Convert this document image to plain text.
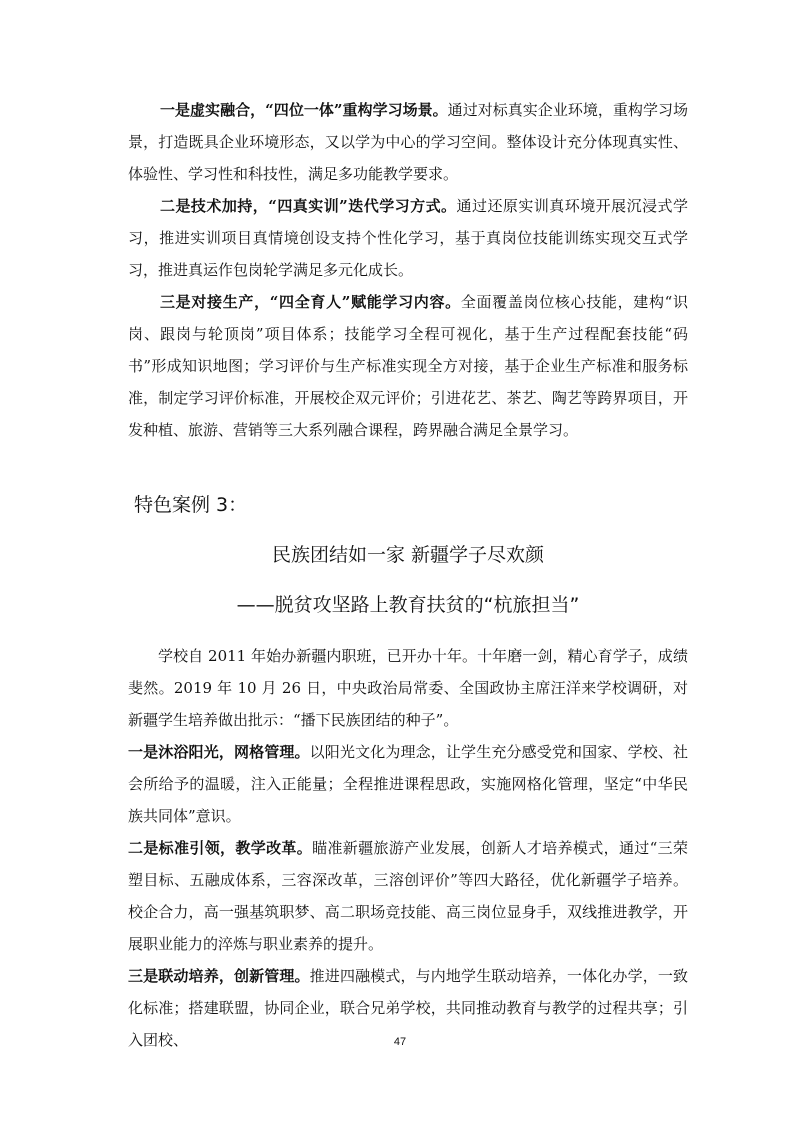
一是虚实融合，“四位一体”重构学习场景。通过对标真实企业环境，重构学习场景，打造既具企业环境形态，又以学为中心的学习空间。整体设计充分体现真实性、体验性、学习性和科技性，满足多功能教学要求。

二是技术加持，“四真实训”迭代学习方式。通过还原实训真环境开展沉浸式学习，推进实训项目真情境创设支持个性化学习，基于真岗位技能训练实现交互式学习，推进真运作包岗轮学满足多元化成长。

三是对接生产，“四全育人”赋能学习内容。全面覆盖岗位核心技能，建构“识岗、跟岗与轮顶岗”项目体系；技能学习全程可视化，基于生产过程配套技能“码书”形成知识地图；学习评价与生产标准实现全方对接，基于企业生产标准和服务标准，制定学习评价标准，开展校企双元评价；引进花艺、茶艺、陶艺等跨界项目，开发种植、旅游、营销等三大系列融合课程，跨界融合满足全景学习。

特色案例 3：

民族团结如一家 新疆学子尽欢颜

——脱贫攻坚路上教育扶贫的“杭旅担当”

学校自 2011 年始办新疆内职班，已开办十年。十年磨一剑，精心育学子，成绩斐然。2019 年 10 月 26 日，中央政治局常委、全国政协主席汪洋来学校调研，对新疆学生培养做出批示：“播下民族团结的种子”。

一是沐浴阳光，网格管理。以阳光文化为理念，让学生充分感受党和国家、学校、社会所给予的温暖，注入正能量；全程推进课程思政，实施网格化管理，坚定“中华民族共同体”意识。

二是标准引领，教学改革。瞄准新疆旅游产业发展，创新人才培养模式，通过“三荣塑目标、五融成体系，三容深改革，三溶创评价”等四大路径，优化新疆学子培养。校企合力，高一强基筑职梦、高二职场竞技能、高三岗位显身手，双线推进教学，开展职业能力的淬炼与职业素养的提升。

三是联动培养，创新管理。推进四融模式，与内地学生联动培养，一体化办学，一致化标准；搭建联盟，协同企业，联合兄弟学校，共同推动教育与教学的过程共享；引入团校、	47
